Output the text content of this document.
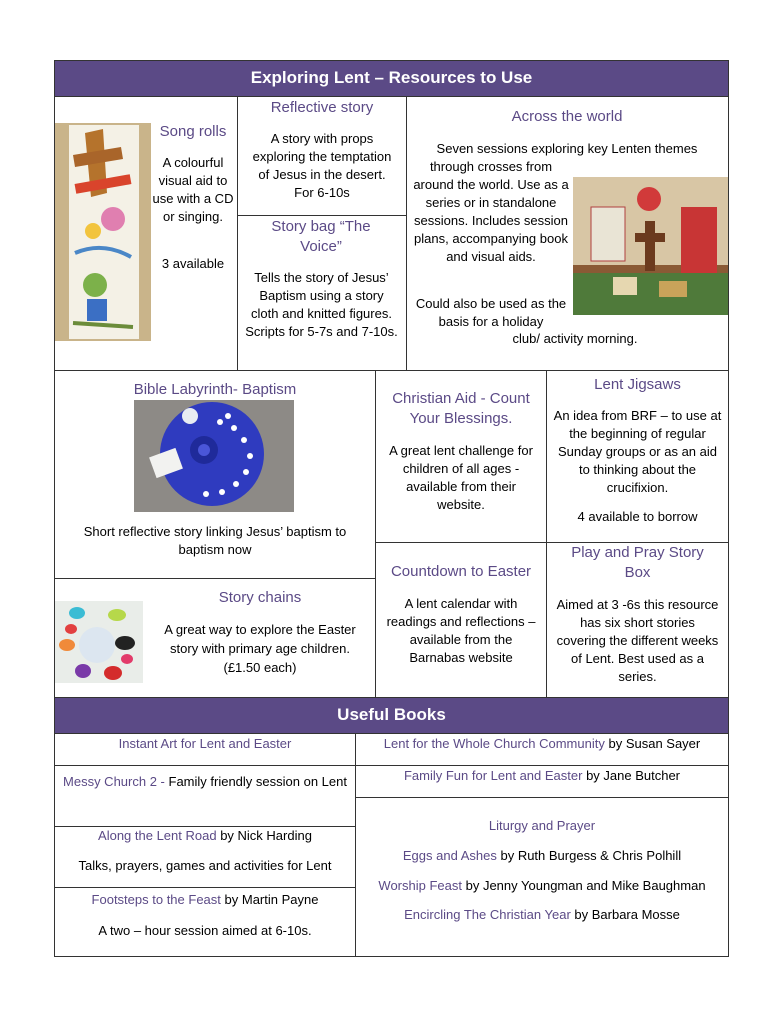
Exploring Lent – Resources to Use
Song rolls
A colourful visual aid to use with a CD or singing.
3 available
Reflective story
A story with props exploring the temptation of Jesus in the desert. For 6-10s
Story bag “The Voice”
Tells the story of Jesus’ Baptism using a story cloth and knitted figures. Scripts for 5-7s and 7-10s.
Across the world
Seven sessions exploring key Lenten themes
through crosses from around the world. Use as a series or in standalone sessions. Includes session plans, accompanying book and visual aids.
Could also be used as the basis for a holiday
club/ activity morning.
Bible Labyrinth- Baptism
Short reflective story linking Jesus’ baptism to baptism now
Story chains
A great way to explore the Easter story with primary age children. (£1.50 each)
Christian Aid - Count Your Blessings.
A great lent challenge for children of all ages - available from their website.
Countdown to Easter
A lent calendar with readings and reflections – available from the Barnabas website
Lent Jigsaws
An idea from BRF – to use at the beginning of regular Sunday groups or as an aid to thinking about the crucifixion.
4 available to borrow
Play and Pray Story Box
Aimed at 3 -6s this resource has six short stories covering the different weeks of Lent. Best used as a series.
Useful Books
Instant Art for Lent and Easter
Messy Church 2 - Family friendly session on Lent
Along the Lent Road by Nick Harding
Talks, prayers, games and activities for Lent
Footsteps to the Feast by Martin Payne
A two – hour session aimed at 6-10s.
Lent for the Whole Church Community by Susan Sayer
Family Fun for Lent and Easter by Jane Butcher
Liturgy and Prayer
Eggs and Ashes by Ruth Burgess & Chris Polhill
Worship Feast by Jenny Youngman and Mike Baughman
Encircling The Christian Year by Barbara Mosse
